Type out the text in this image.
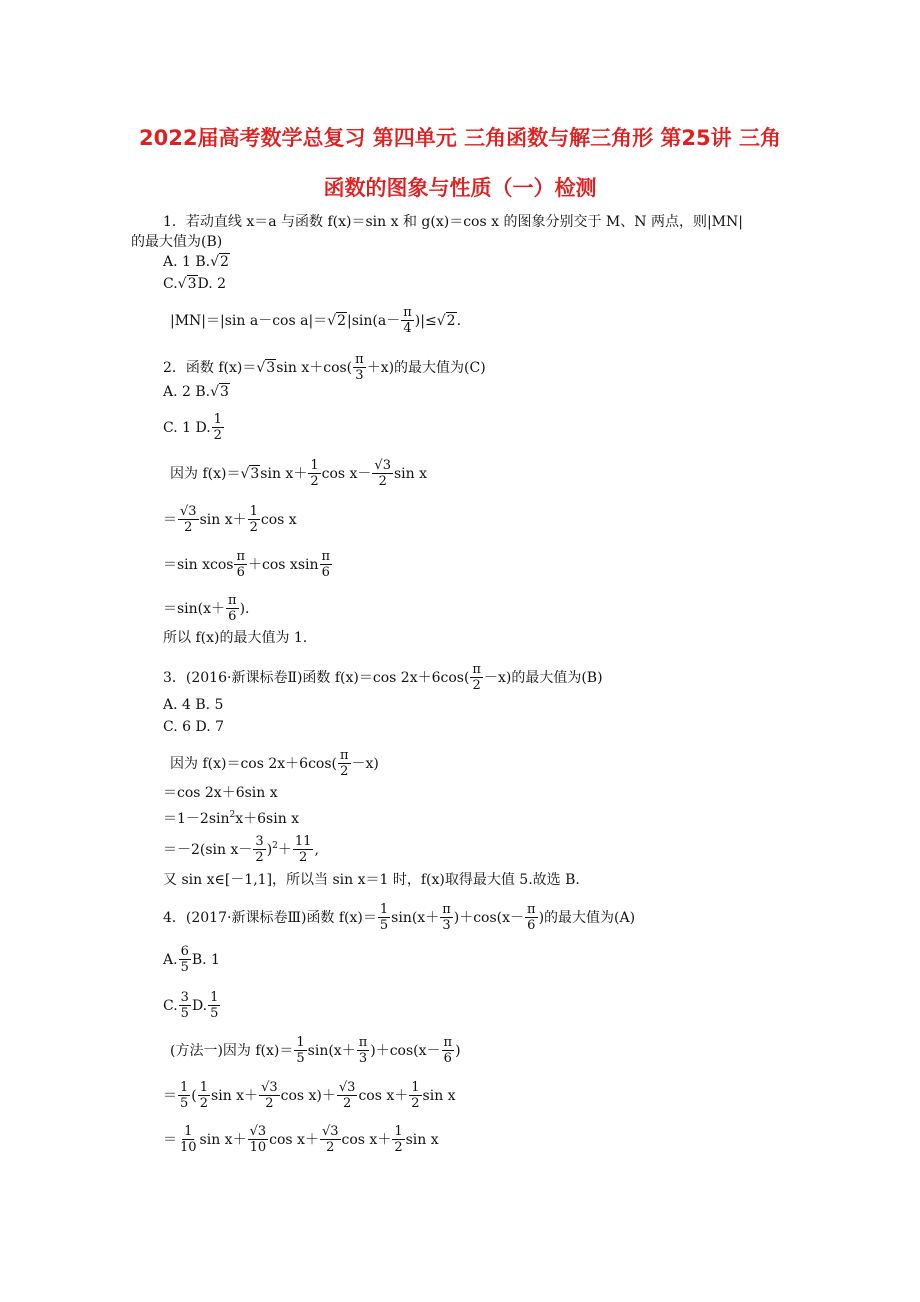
2022届高考数学总复习 第四单元 三角函数与解三角形 第25讲 三角
函数的图象与性质（一）检测
1．若动直线 x＝a 与函数 f(x)＝sin x 和 g(x)＝cos x 的图象分别交于 M、N 两点，则|MN|
的最大值为(B)
A. 1 B.√2
C.√3D. 2
|MN|＝|sin a－cos $a|=√2|\sin(a- \frac{\pi}{4} )|\le√2$.
2．函数 f(x)＝√3sin $x+\cos( \frac{\pi}{3} +x)$的最大值为(C)
A. 2 B.√3
C. 1 D. $\frac{1}{2}$
因为 f(x)＝√3sin $x+ \frac{1}{2}$ $\cos x- \frac{√3}{2}$ sin x
＝ $\frac{√3}{2}$ $\sin x+ \frac{1}{2}$ cos x
＝sin xcos $\frac{\pi}{6} +\cos$ xsin $\frac{\pi}{6}$
$=\sin(x+ \frac{\pi}{6}$ ).
所以 f(x)的最大值为 1.
3．(2016·新课标卷Ⅱ)函数 f(x)＝cos $2x+6\cos( \frac{\pi}{2} -x)$的最大值为(B)
A. 4 B. 5
C. 6 D. 7
因为 f(x)＝cos $2x+6\cos( \frac{\pi}{2} -x)$
＝cos 2x＋6sin x
$=1-2\sin^2x+6\sin$ x
＝－2(sin $x- \frac{3}{2} )^2+ \frac{11}{2}$ ,
又 sin x∈[－1,1]，所以当 sin x＝1 时，f(x)取得最大值 5.故选 B.
4．(2017·新课标卷Ⅲ)函数 $f(x)= \frac{1}{5} \sin(x+ \frac{\pi}{3} )+\cos(x- \frac{\pi}{6}$ )的最大值为(A)
A. $\frac{6}{5} B$. 1
C. $\frac{3}{5} D$. $\frac{1}{5}$
(方法一)因为 $f(x)= \frac{1}{5} \sin(x+ \frac{\pi}{3} )+\cos(x- \frac{\pi}{6}$ )
＝ $\frac{1}{5}$ ( $\frac{1}{2}$ $\sin x+ \frac{√3}{2}$ $\cos x)+ \frac{√3}{2}$ $\cos x+ \frac{1}{2}$ sin x
＝ $\frac{1}{10}$ $\sin x+ \frac{√3}{10}$ $\cos x+ \frac{√3}{2}$ $\cos x+ \frac{1}{2}$ sin x
